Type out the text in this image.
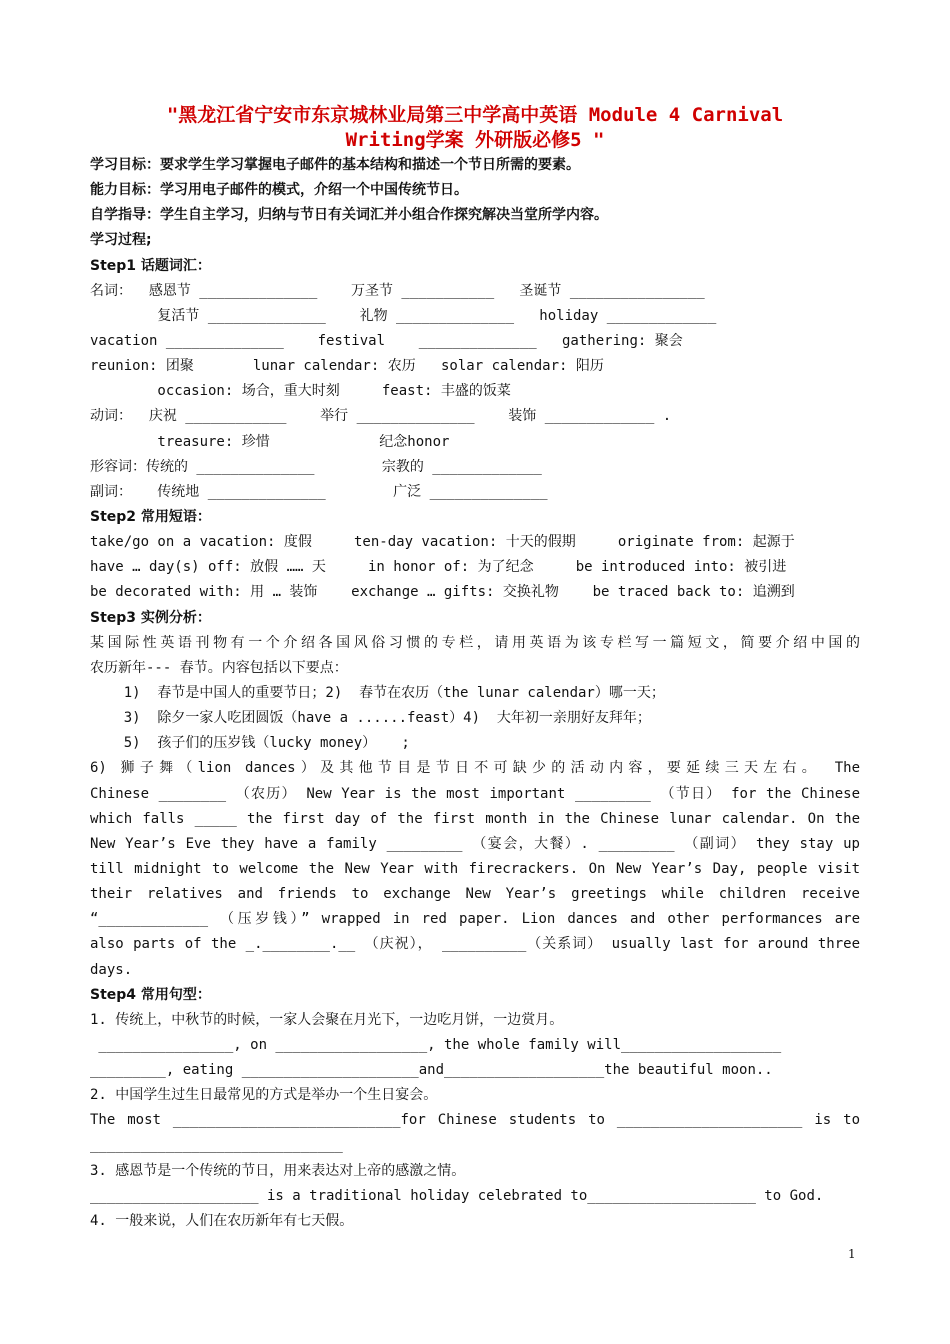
"黑龙江省宁安市东京城林业局第三中学高中英语 Module 4 Carnival
Writing学案 外研版必修5 "
学习目标：要求学生学习掌握电子邮件的基本结构和描述一个节日所需的要素。
能力目标：学习用电子邮件的模式，介绍一个中国传统节日。
自学指导：学生自主学习，归纳与节日有关词汇并小组合作探究解决当堂所学内容。
学习过程;
Step1 话题词汇：
名词：  感恩节 ______________    万圣节 ___________   圣诞节 ________________
复活节 ______________    礼物 ______________   holiday _____________
vacation ______________    festival    ______________   gathering: 聚会
reunion: 团聚       lunar calendar: 农历   solar calendar: 阳历
occasion: 场合，重大时刻     feast: 丰盛的饭菜
动词：  庆祝 ____________    举行 ______________    装饰 _____________ .
treasure: 珍惜             纪念honor
形容词：传统的 ______________        宗教的 _____________
副词：   传统地 ______________        广泛 ______________
Step2 常用短语：
take/go on a vacation: 度假     ten-day vacation: 十天的假期     originate from: 起源于
have … day(s) off: 放假 …… 天     in honor of: 为了纪念     be introduced into: 被引进
be decorated with: 用 … 装饰    exchange … gifts: 交换礼物    be traced back to: 追溯到
Step3 实例分析：
某国际性英语刊物有一个介绍各国风俗习惯的专栏，请用英语为该专栏写一篇短文，简要介绍中国的
农历新年--- 春节。内容包括以下要点：
1)  春节是中国人的重要节日；2)  春节在农历（the lunar calendar）哪一天；
3)  除夕一家人吃团圆饭（have a ......feast）4)  大年初一亲朋好友拜年；
5)  孩子们的压岁钱（lucky money）   ;
6) 狮子舞（lion dances）及其他节目是节日不可缺少的活动内容，要延续三天左右。 The
Chinese ________ （农历） New Year is the most important _________ （节日） for the Chinese
which falls _____ the first day of the first month in the Chinese lunar calendar. On the
New Year’s Eve they have a family _________ （宴会，大餐）. _________ （副词） they stay up
till midnight to welcome the New Year with firecrackers. On New Year’s Day, people visit
their relatives and friends to exchange New Year’s greetings while children receive
“_____________ （压岁钱）” wrapped in red paper. Lion dances and other performances are
also parts of the _.________.__ （庆祝）， __________（关系词） usually last for around three
days.
Step4 常用句型：
1. 传统上，中秋节的时候，一家人会聚在月光下，一边吃月饼，一边赏月。
________________, on __________________, the whole family will___________________
_________, eating _____________________and___________________the beautiful moon..
2. 中国学生过生日最常见的方式是举办一个生日宴会。
The most ___________________________for Chinese students to ______________________ is to
______________________________
3. 感恩节是一个传统的节日，用来表达对上帝的感激之情。
____________________ is a traditional holiday celebrated to____________________ to God.
4. 一般来说，人们在农历新年有七天假。
1
